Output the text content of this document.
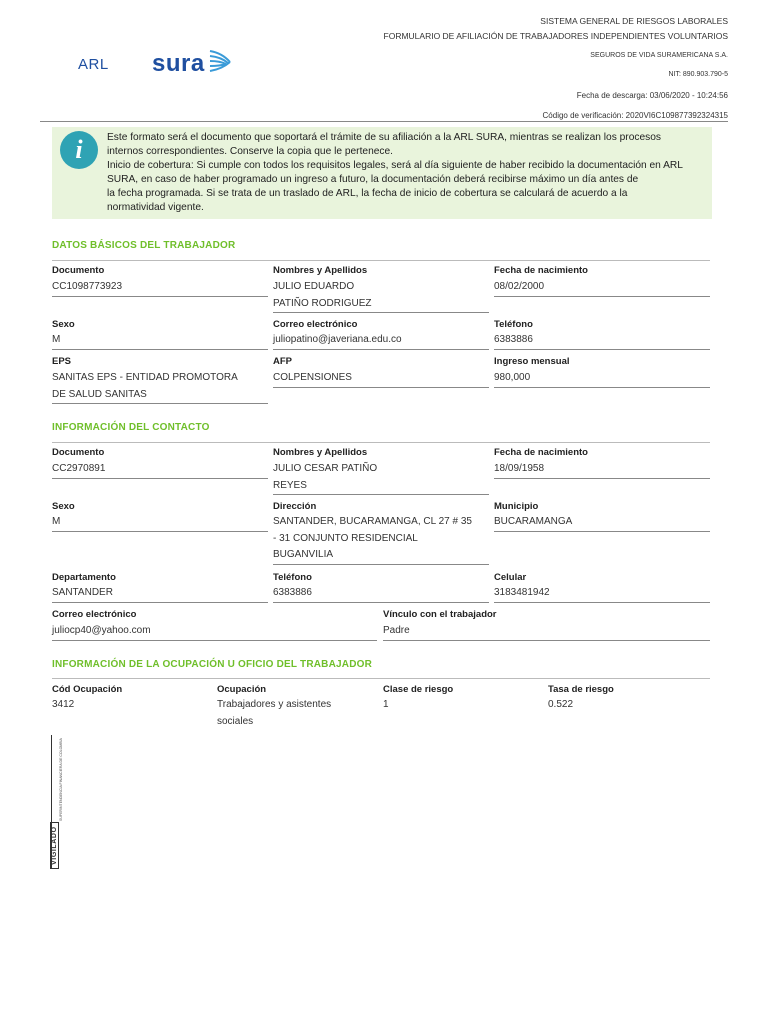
ARL sura
SISTEMA GENERAL DE RIESGOS LABORALES
FORMULARIO DE AFILIACIÓN DE TRABAJADORES INDEPENDIENTES VOLUNTARIOS
SEGUROS DE VIDA SURAMERICANA S.A.
NIT: 890.903.790-5
Fecha de descarga: 03/06/2020 - 10:24:56
Código de verificación: 2020VI6C109877392324315
i	Este formato será el documento que soportará el trámite de su afiliación a la ARL SURA, mientras se realizan los procesos

internos correspondientes. Conserve la copia que le pertenece.

Inicio de cobertura: Si cumple con todos los requisitos legales, será al día siguiente de haber recibido la documentación en ARL

SURA, en caso de haber programado un ingreso a futuro, la documentación deberá recibirse máximo un día antes de

la fecha programada. Si se trata de un traslado de ARL, la fecha de inicio de cobertura se calculará de acuerdo a la

normatividad vigente.

DATOS BÁSICOS DEL TRABAJADOR
Documento
CC1098773923
Nombres y Apellidos
JULIO EDUARDO
PATIÑO RODRIGUEZ
Fecha de nacimiento
08/02/2000
Sexo
M
Correo electrónico
juliopatino@javeriana.edu.co
Teléfono
6383886
EPS
SANITAS EPS - ENTIDAD PROMOTORA
DE SALUD SANITAS
AFP
COLPENSIONES
Ingreso mensual
980,000
INFORMACIÓN DEL CONTACTO
Documento
CC2970891
Nombres y Apellidos
JULIO CESAR PATIÑO
REYES
Fecha de nacimiento
18/09/1958
Sexo
M
Dirección
SANTANDER, BUCARAMANGA, CL 27 # 35
- 31 CONJUNTO RESIDENCIAL
BUGANVILIA
Municipio
BUCARAMANGA
Departamento
SANTANDER
Teléfono
6383886
Celular
3183481942
Correo electrónico
juliocp40@yahoo.com
Vínculo con el trabajador
Padre
INFORMACIÓN DE LA OCUPACIÓN U OFICIO DEL TRABAJADOR
Cód Ocupación
3412
Ocupación
Trabajadores y asistentes
sociales
Clase de riesgo
1
Tasa de riesgo
0.522
SUPERINTENDENCIA FINANCIERA DE COLOMBIA
VIGILADO
